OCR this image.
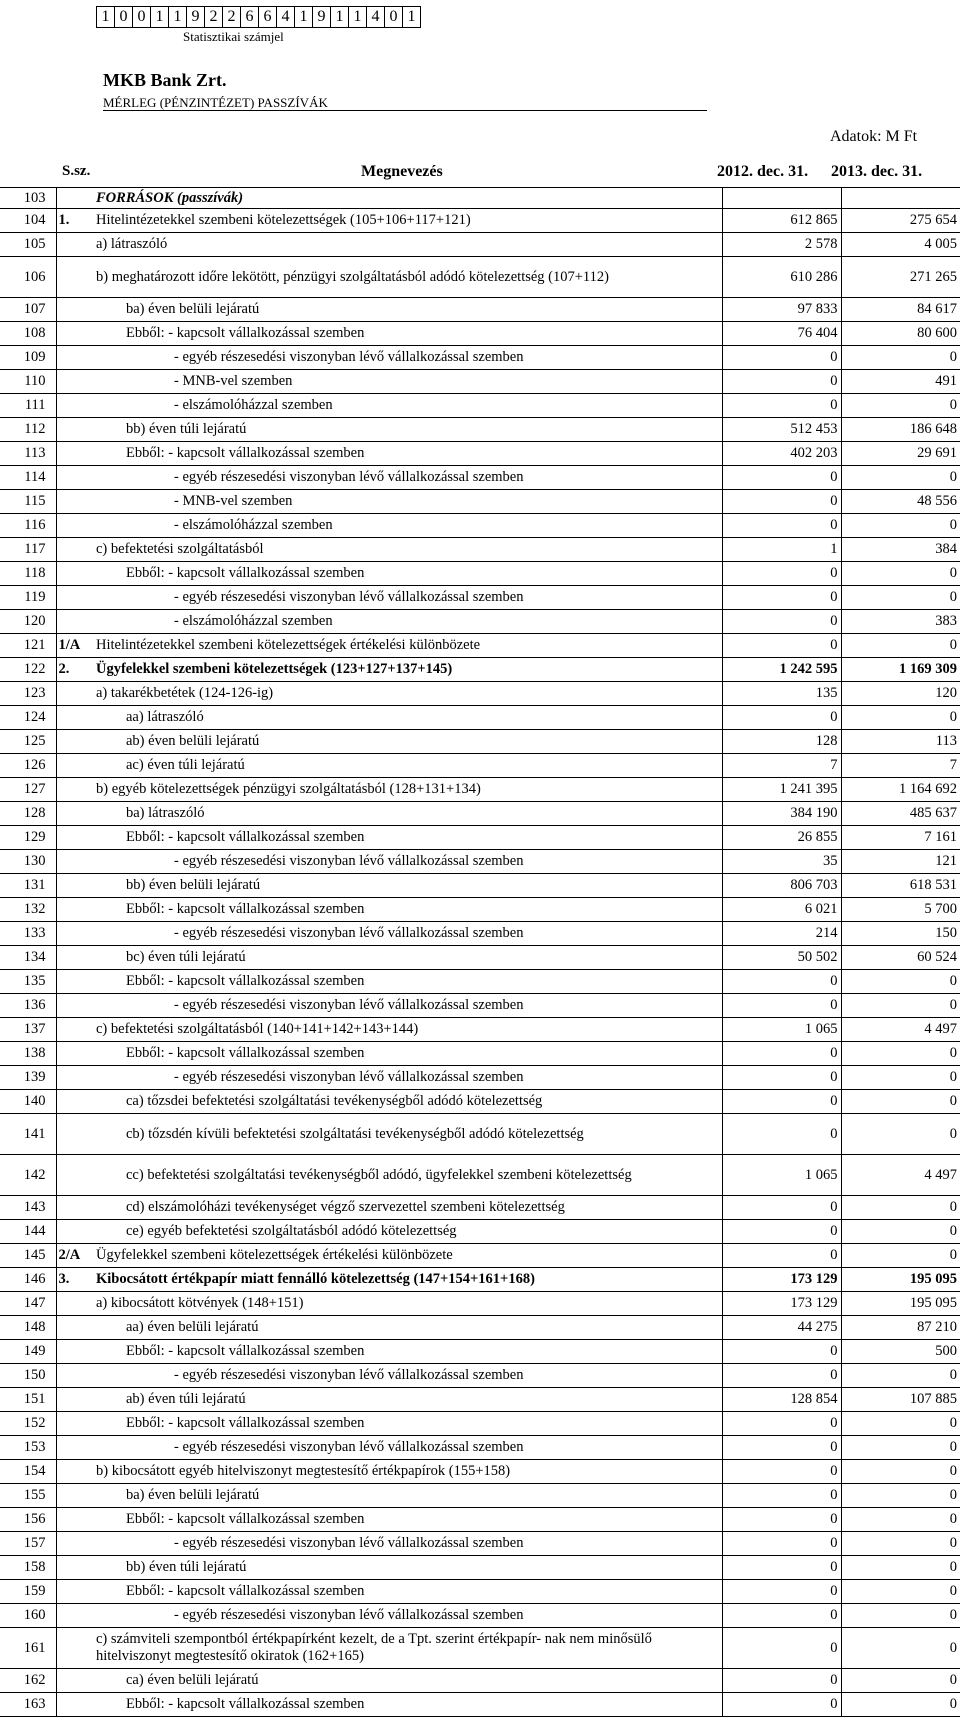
1 0 0 1 1 9 2 2 6 6 4 1 9 1 1 4 0 1
Statisztikai számjel
MKB Bank Zrt.
MÉRLEG (PÉNZINTÉZET) PASSZÍVÁK
Adatok: M Ft
S.sz.	Megnevezés	2012. dec. 31. 2013. dec. 31.
103		FORRÁSOK (passzívák)		
104	1.	Hitelintézetekkel szembeni kötelezettségek (105+106+117+121)	612 865	275 654
105		a) látraszóló	2 578	4 005
106		b) meghatározott időre lekötött, pénzügyi szolgáltatásból adódó kötelezettség (107+112)	610 286	271 265
107		ba) éven belüli lejáratú	97 833	84 617
108		Ebből: - kapcsolt vállalkozással szemben	76 404	80 600
109		- egyéb részesedési viszonyban lévő vállalkozással szemben	0	0
110		- MNB-vel szemben	0	491
111		- elszámolóházzal szemben	0	0
112		bb) éven túli lejáratú	512 453	186 648
113		Ebből: - kapcsolt vállalkozással szemben	402 203	29 691
114		- egyéb részesedési viszonyban lévő vállalkozással szemben	0	0
115		- MNB-vel szemben	0	48 556
116		- elszámolóházzal szemben	0	0
117		c) befektetési szolgáltatásból	1	384
118		Ebből: - kapcsolt vállalkozással szemben	0	0
119		- egyéb részesedési viszonyban lévő vállalkozással szemben	0	0
120		- elszámolóházzal szemben	0	383
121	1/A	Hitelintézetekkel szembeni kötelezettségek értékelési különbözete	0	0
122	2.	Ügyfelekkel szembeni kötelezettségek (123+127+137+145)	1 242 595	1 169 309
123		a) takarékbetétek (124-126-ig)	135	120
124		aa) látraszóló	0	0
125		ab) éven belüli lejáratú	128	113
126		ac) éven túli lejáratú	7	7
127		b) egyéb kötelezettségek pénzügyi szolgáltatásból (128+131+134)	1 241 395	1 164 692
128		ba) látraszóló	384 190	485 637
129		Ebből: - kapcsolt vállalkozással szemben	26 855	7 161
130		- egyéb részesedési viszonyban lévő vállalkozással szemben	35	121
131		bb) éven belüli lejáratú	806 703	618 531
132		Ebből: - kapcsolt vállalkozással szemben	6 021	5 700
133		- egyéb részesedési viszonyban lévő vállalkozással szemben	214	150
134		bc) éven túli lejáratú	50 502	60 524
135		Ebből: - kapcsolt vállalkozással szemben	0	0
136		- egyéb részesedési viszonyban lévő vállalkozással szemben	0	0
137		c) befektetési szolgáltatásból (140+141+142+143+144)	1 065	4 497
138		Ebből: - kapcsolt vállalkozással szemben	0	0
139		- egyéb részesedési viszonyban lévő vállalkozással szemben	0	0
140		ca) tőzsdei befektetési szolgáltatási tevékenységből adódó kötelezettség	0	0
141		cb) tőzsdén kívüli befektetési szolgáltatási tevékenységből adódó kötelezettség	0	0
142		cc) befektetési szolgáltatási tevékenységből adódó, ügyfelekkel szembeni kötelezettség	1 065	4 497
143		cd) elszámolóházi tevékenységet végző szervezettel szembeni kötelezettség	0	0
144		ce) egyéb befektetési szolgáltatásból adódó kötelezettség	0	0
145	2/A	Ügyfelekkel szembeni kötelezettségek értékelési különbözete	0	0
146	3.	Kibocsátott értékpapír miatt fennálló kötelezettség (147+154+161+168)	173 129	195 095
147		a) kibocsátott kötvények (148+151)	173 129	195 095
148		aa) éven belüli lejáratú	44 275	87 210
149		Ebből: - kapcsolt vállalkozással szemben	0	500
150		- egyéb részesedési viszonyban lévő vállalkozással szemben	0	0
151		ab) éven túli lejáratú	128 854	107 885
152		Ebből: - kapcsolt vállalkozással szemben	0	0
153		- egyéb részesedési viszonyban lévő vállalkozással szemben	0	0
154		b) kibocsátott egyéb hitelviszonyt megtestesítő értékpapírok (155+158)	0	0
155		ba) éven belüli lejáratú	0	0
156		Ebből: - kapcsolt vállalkozással szemben	0	0
157		- egyéb részesedési viszonyban lévő vállalkozással szemben	0	0
158		bb) éven túli lejáratú	0	0
159		Ebből: - kapcsolt vállalkozással szemben	0	0
160		- egyéb részesedési viszonyban lévő vállalkozással szemben	0	0
161		c) számviteli szempontból értékpapírként kezelt, de a Tpt. szerint értékpapír- nak nem minősülő hitelviszonyt megtestesítő okiratok (162+165)	0	0
162		ca) éven belüli lejáratú	0	0
163		Ebből: - kapcsolt vállalkozással szemben	0	0
